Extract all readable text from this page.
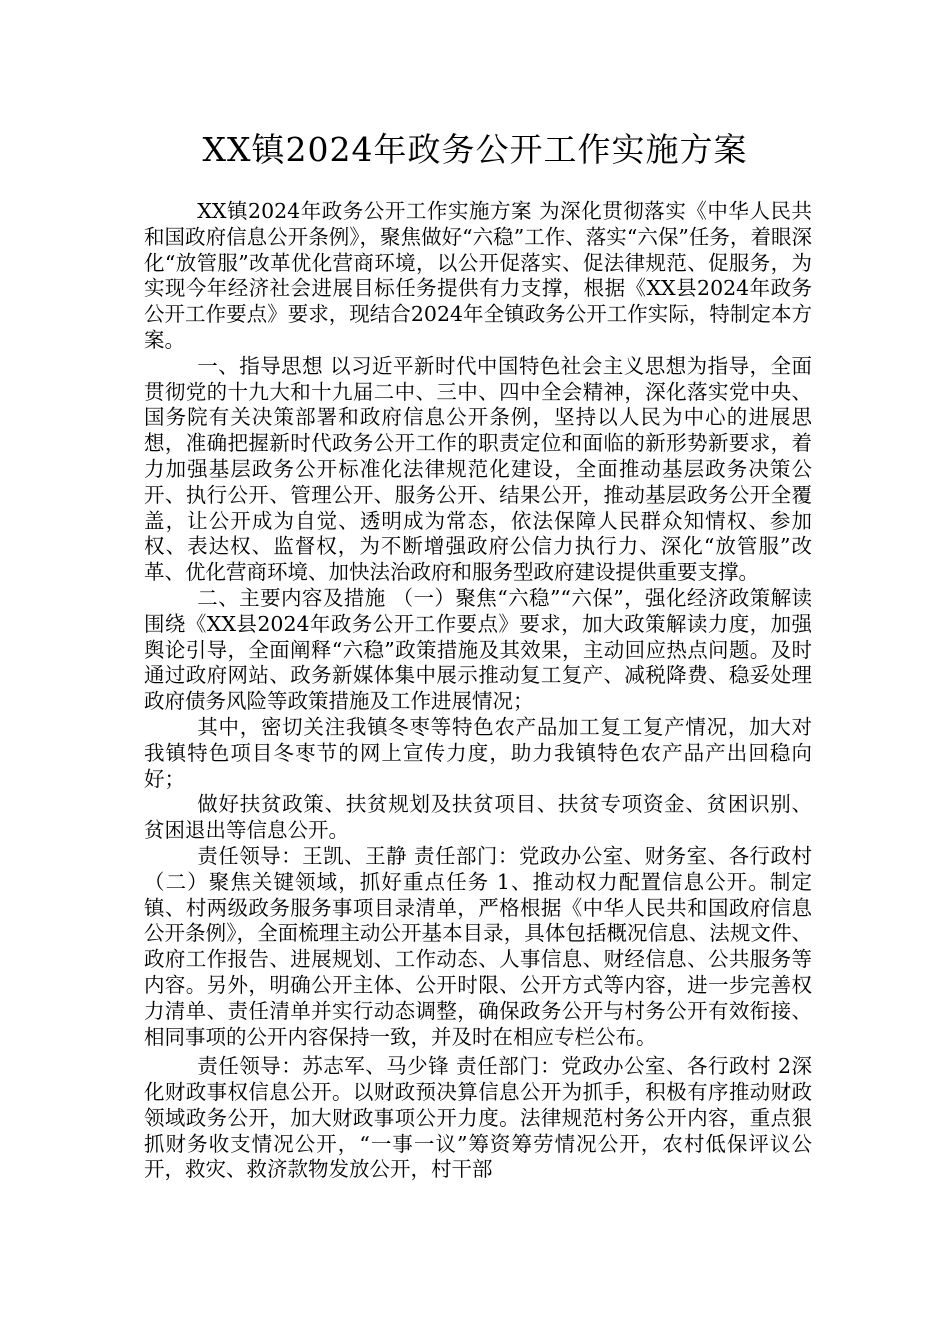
XX镇2024年政务公开工作实施方案

XX镇2024年政务公开工作实施方案 为深化贯彻落实《中华人民共和国政府信息公开条例》，聚焦做好“六稳”工作、落实“六保”任务，着眼深化“放管服”改革优化营商环境，以公开促落实、促法律规范、促服务，为实现今年经济社会进展目标任务提供有力支撑，根据《XX县2024年政务公开工作要点》要求，现结合2024年全镇政务公开工作实际，特制定本方案。

一、指导思想 以习近平新时代中国特色社会主义思想为指导，全面贯彻党的十九大和十九届二中、三中、四中全会精神，深化落实党中央、国务院有关决策部署和政府信息公开条例，坚持以人民为中心的进展思想，准确把握新时代政务公开工作的职责定位和面临的新形势新要求，着力加强基层政务公开标准化法律规范化建设，全面推动基层政务决策公开、执行公开、管理公开、服务公开、结果公开，推动基层政务公开全覆盖，让公开成为自觉、透明成为常态，依法保障人民群众知情权、参加权、表达权、监督权，为不断增强政府公信力执行力、深化“放管服”改革、优化营商环境、加快法治政府和服务型政府建设提供重要支撑。

二、主要内容及措施 （一）聚焦“六稳”“六保”，强化经济政策解读 围绕《XX县2024年政务公开工作要点》要求，加大政策解读力度，加强舆论引导，全面阐释“六稳”政策措施及其效果，主动回应热点问题。及时通过政府网站、政务新媒体集中展示推动复工复产、减税降费、稳妥处理政府债务风险等政策措施及工作进展情况；

其中，密切关注我镇冬枣等特色农产品加工复工复产情况，加大对我镇特色项目冬枣节的网上宣传力度，助力我镇特色农产品产出回稳向好；

做好扶贫政策、扶贫规划及扶贫项目、扶贫专项资金、贫困识别、贫困退出等信息公开。

责任领导：王凯、王静 责任部门：党政办公室、财务室、各行政村 （二）聚焦关键领域，抓好重点任务 1、推动权力配置信息公开。制定镇、村两级政务服务事项目录清单，严格根据《中华人民共和国政府信息公开条例》，全面梳理主动公开基本目录，具体包括概况信息、法规文件、政府工作报告、进展规划、工作动态、人事信息、财经信息、公共服务等内容。另外，明确公开主体、公开时限、公开方式等内容，进一步完善权力清单、责任清单并实行动态调整，确保政务公开与村务公开有效衔接、相同事项的公开内容保持一致，并及时在相应专栏公布。

责任领导：苏志军、马少锋 责任部门：党政办公室、各行政村 2深化财政事权信息公开。以财政预决算信息公开为抓手，积极有序推动财政领域政务公开，加大财政事项公开力度。法律规范村务公开内容，重点狠抓财务收支情况公开，“一事一议”筹资筹劳情况公开，农村低保评议公开，救灾、救济款物发放公开，村干部
